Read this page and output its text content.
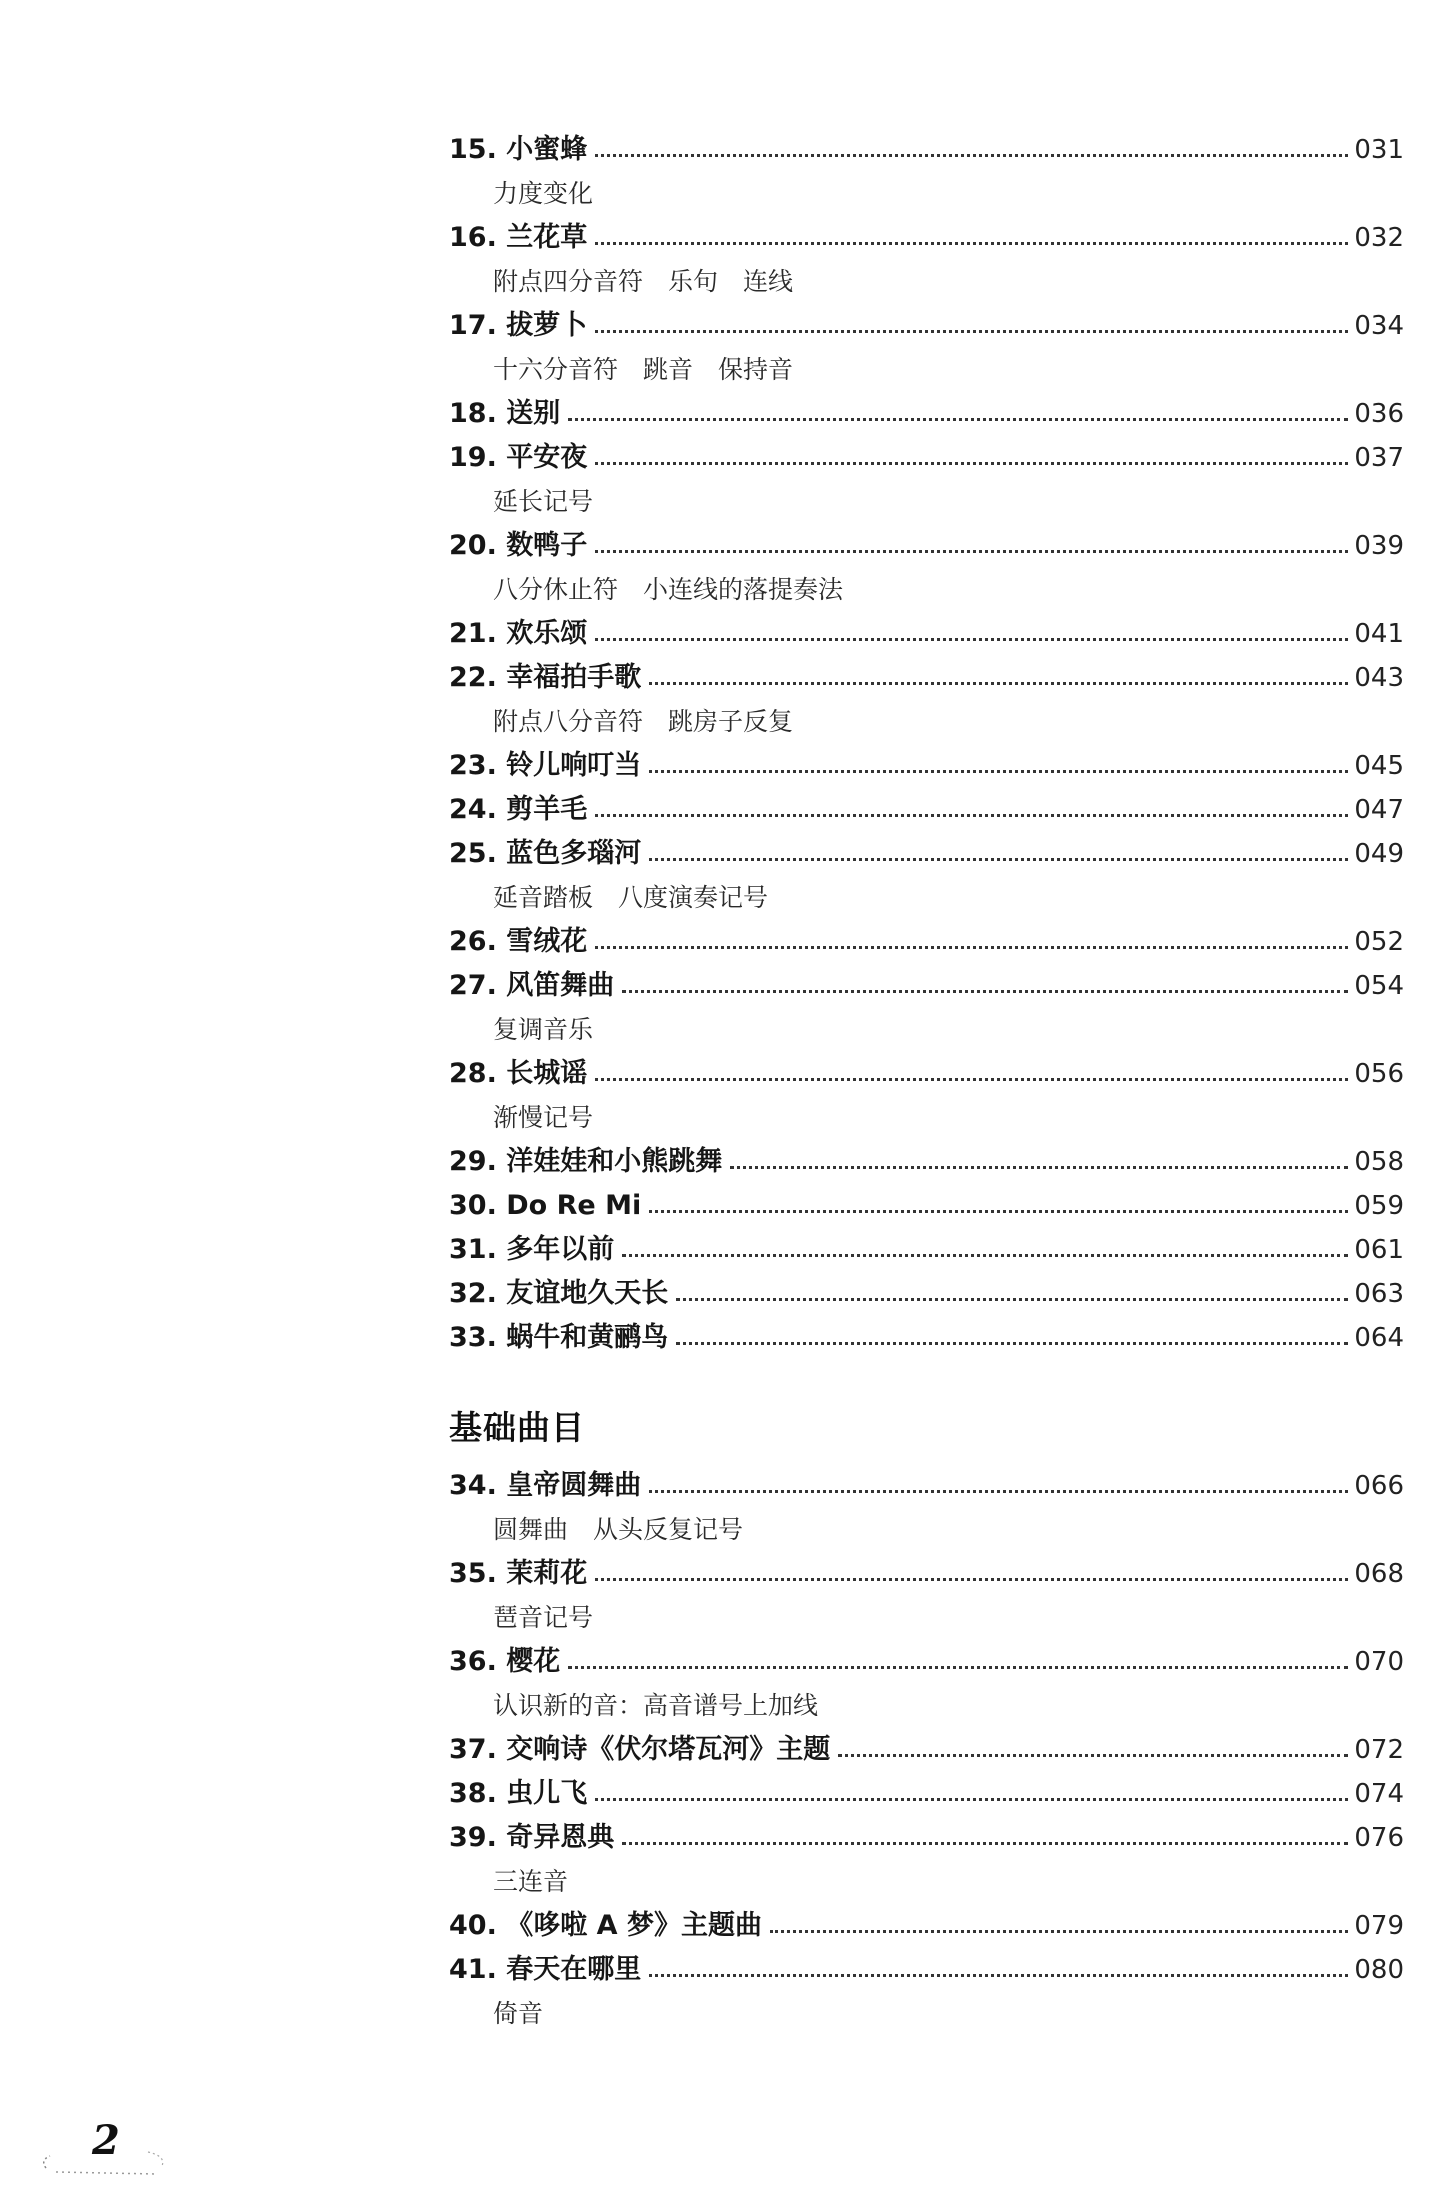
15. 小蜜蜂	031
力度变化
16. 兰花草	032
附点四分音符　乐句　连线
17. 拔萝卜	034
十六分音符　跳音　保持音
18. 送别	036
19. 平安夜	037
延长记号
20. 数鸭子	039
八分休止符　小连线的落提奏法
21. 欢乐颂	041
22. 幸福拍手歌	043
附点八分音符　跳房子反复
23. 铃儿响叮当	045
24. 剪羊毛	047
25. 蓝色多瑙河	049
延音踏板　八度演奏记号
26. 雪绒花	052
27. 风笛舞曲	054
复调音乐
28. 长城谣	056
渐慢记号
29. 洋娃娃和小熊跳舞	058
30. Do Re Mi	059
31. 多年以前	061
32. 友谊地久天长	063
33. 蜗牛和黄鹂鸟	064
基础曲目
34. 皇帝圆舞曲	066
圆舞曲　从头反复记号
35. 茉莉花	068
琶音记号
36. 樱花	070
认识新的音：高音谱号上加线
37. 交响诗《伏尔塔瓦河》主题	072
38. 虫儿飞	074
39. 奇异恩典	076
三连音
40. 《哆啦 A 梦》主题曲	079
41. 春天在哪里	080
倚音
2
